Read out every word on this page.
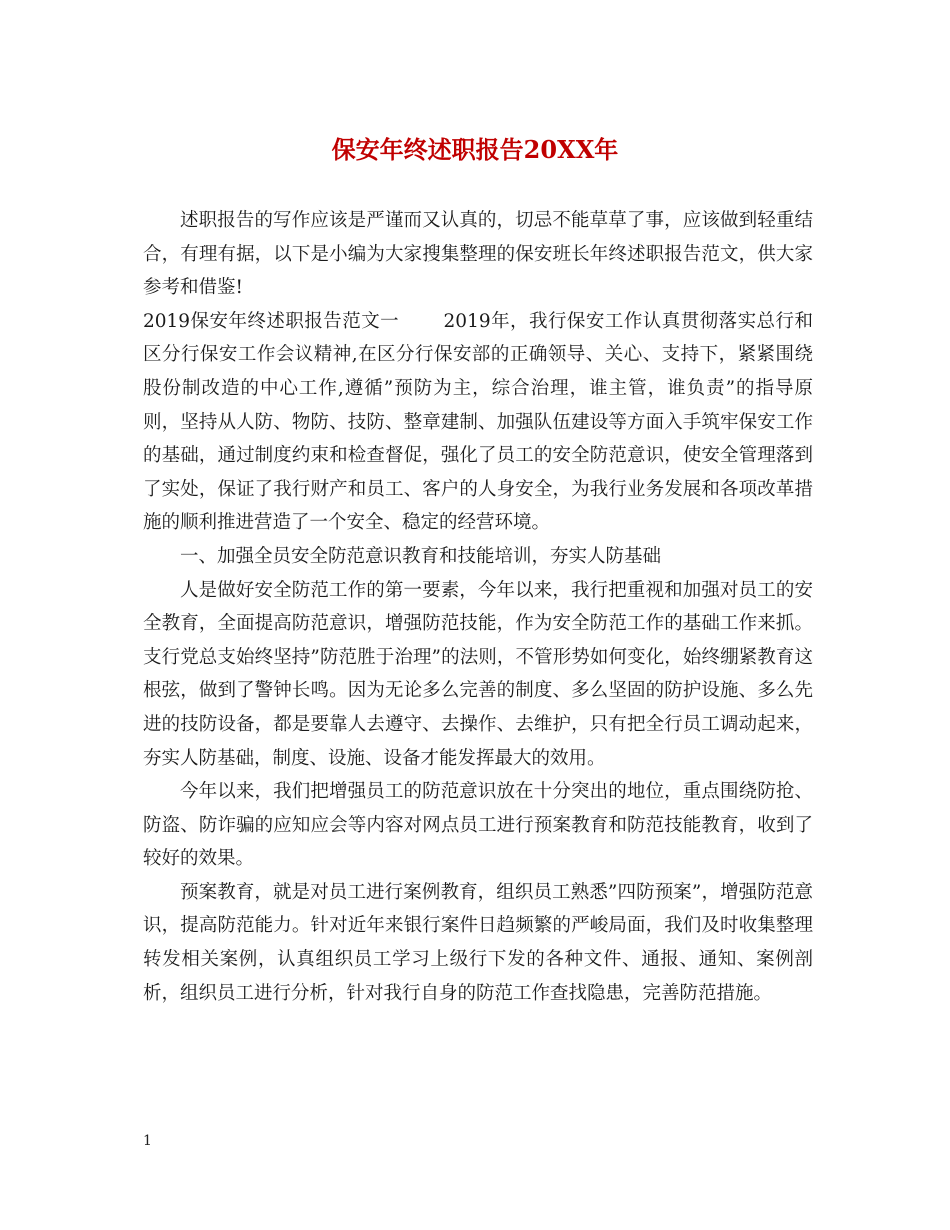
保安年终述职报告20XX年

述职报告的写作应该是严谨而又认真的，切忌不能草草了事，应该做到轻重结合，有理有据，以下是小编为大家搜集整理的保安班长年终述职报告范文，供大家参考和借鉴!

2019保安年终述职报告范文一 2019年，我行保安工作认真贯彻落实总行和区分行保安工作会议精神,在区分行保安部的正确领导、关心、支持下，紧紧围绕股份制改造的中心工作,遵循”预防为主，综合治理，谁主管，谁负责”的指导原则，坚持从人防、物防、技防、整章建制、加强队伍建设等方面入手筑牢保安工作的基础，通过制度约束和检查督促，强化了员工的安全防范意识，使安全管理落到了实处，保证了我行财产和员工、客户的人身安全，为我行业务发展和各项改革措施的顺利推进营造了一个安全、稳定的经营环境。

一、加强全员安全防范意识教育和技能培训，夯实人防基础

人是做好安全防范工作的第一要素，今年以来，我行把重视和加强对员工的安全教育，全面提高防范意识，增强防范技能，作为安全防范工作的基础工作来抓。支行党总支始终坚持”防范胜于治理”的法则，不管形势如何变化，始终绷紧教育这根弦，做到了警钟长鸣。因为无论多么完善的制度、多么坚固的防护设施、多么先进的技防设备，都是要靠人去遵守、去操作、去维护，只有把全行员工调动起来，夯实人防基础，制度、设施、设备才能发挥最大的效用。

今年以来，我们把增强员工的防范意识放在十分突出的地位，重点围绕防抢、防盗、防诈骗的应知应会等内容对网点员工进行预案教育和防范技能教育，收到了较好的效果。

预案教育，就是对员工进行案例教育，组织员工熟悉”四防预案”，增强防范意识，提高防范能力。针对近年来银行案件日趋频繁的严峻局面，我们及时收集整理转发相关案例，认真组织员工学习上级行下发的各种文件、通报、通知、案例剖析，组织员工进行分析，针对我行自身的防范工作查找隐患，完善防范措施。

1
